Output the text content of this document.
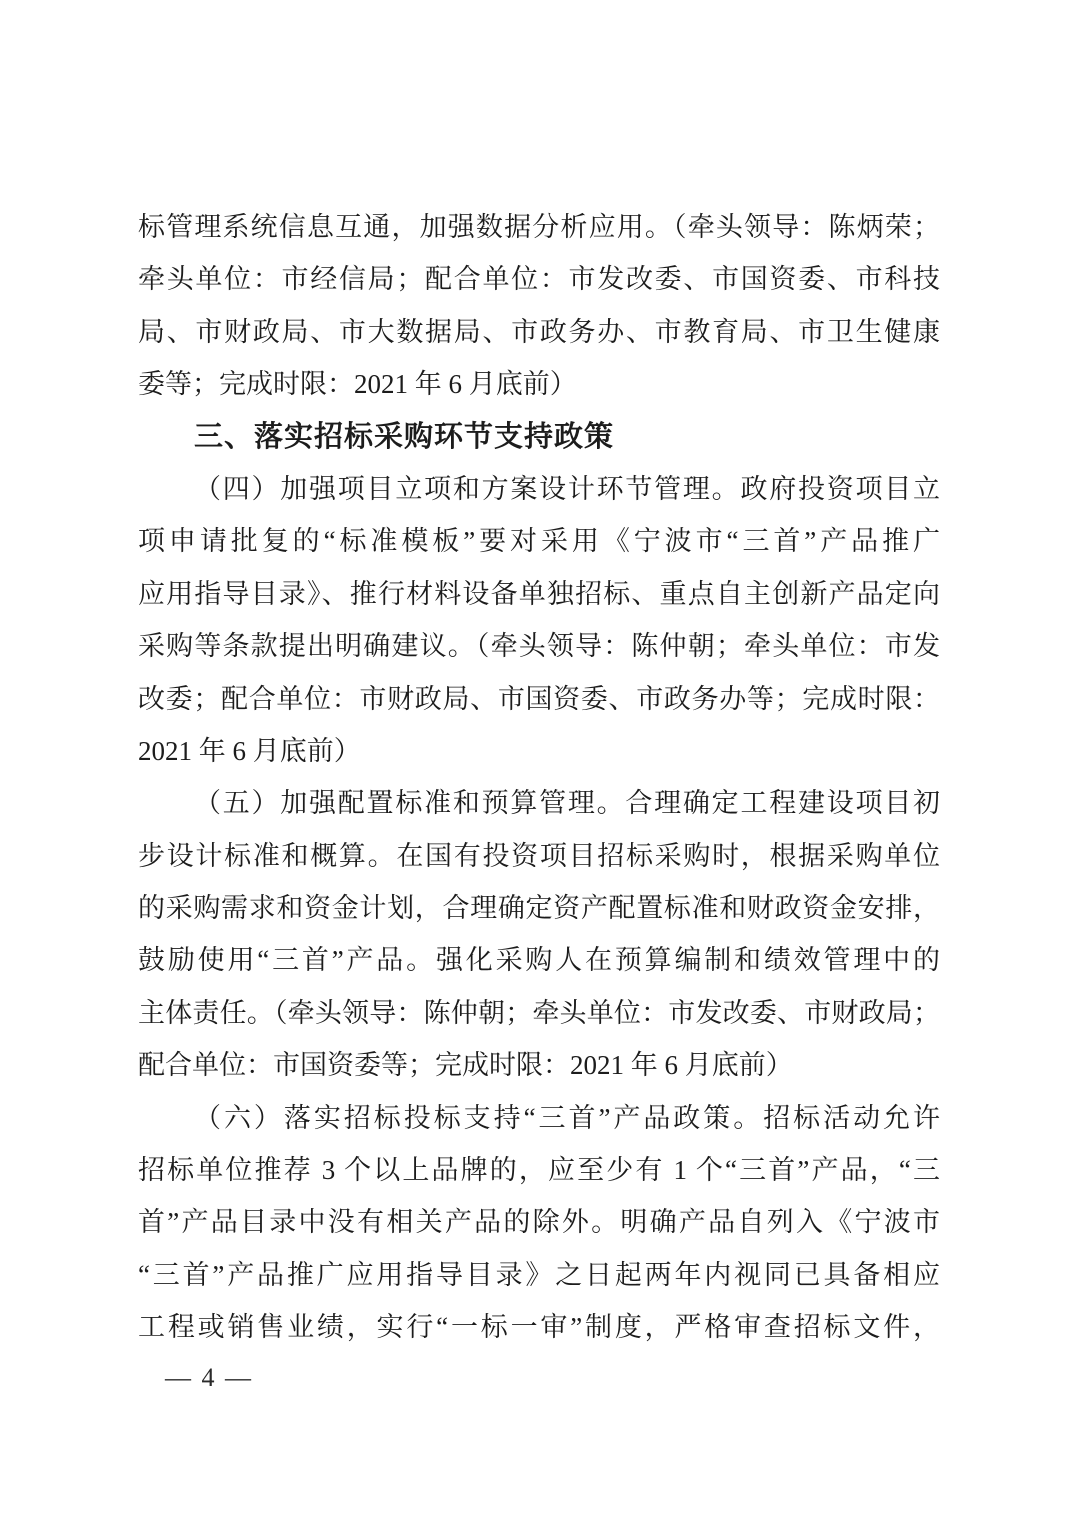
标管理系统信息互通，加强数据分析应用。（牵头领导：陈炳荣；
牵头单位：市经信局；配合单位：市发改委、市国资委、市科技
局、市财政局、市大数据局、市政务办、市教育局、市卫生健康
委等；完成时限：2021 年 6 月底前）
三、落实招标采购环节支持政策
（四）加强项目立项和方案设计环节管理。政府投资项目立
项申请批复的“标准模板”要对采用《宁波市“三首”产品推广
应用指导目录》、推行材料设备单独招标、重点自主创新产品定向
采购等条款提出明确建议。（牵头领导：陈仲朝；牵头单位：市发
改委；配合单位：市财政局、市国资委、市政务办等；完成时限：
2021 年 6 月底前）
（五）加强配置标准和预算管理。合理确定工程建设项目初
步设计标准和概算。在国有投资项目招标采购时，根据采购单位
的采购需求和资金计划，合理确定资产配置标准和财政资金安排，
鼓励使用“三首”产品。强化采购人在预算编制和绩效管理中的
主体责任。（牵头领导：陈仲朝；牵头单位：市发改委、市财政局；
配合单位：市国资委等；完成时限：2021 年 6 月底前）
（六）落实招标投标支持“三首”产品政策。招标活动允许
招标单位推荐 3 个以上品牌的，应至少有 1 个“三首”产品，“三
首”产品目录中没有相关产品的除外。明确产品自列入《宁波市
“三首”产品推广应用指导目录》之日起两年内视同已具备相应
工程或销售业绩，实行“一标一审”制度，严格审查招标文件，
— 4 —
